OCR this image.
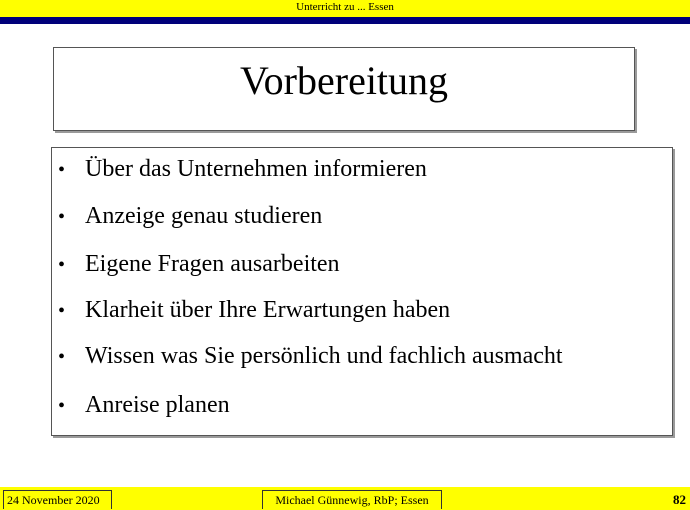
Unterricht zu ... Essen
Vorbereitung
• Über das Unternehmen informieren
• Anzeige genau studieren
• Eigene Fragen ausarbeiten
• Klarheit über Ihre Erwartungen haben
• Wissen was Sie persönlich und fachlich ausmacht
• Anreise planen
24 November 2020	Michael Günnewig, RbP; Essen	82
